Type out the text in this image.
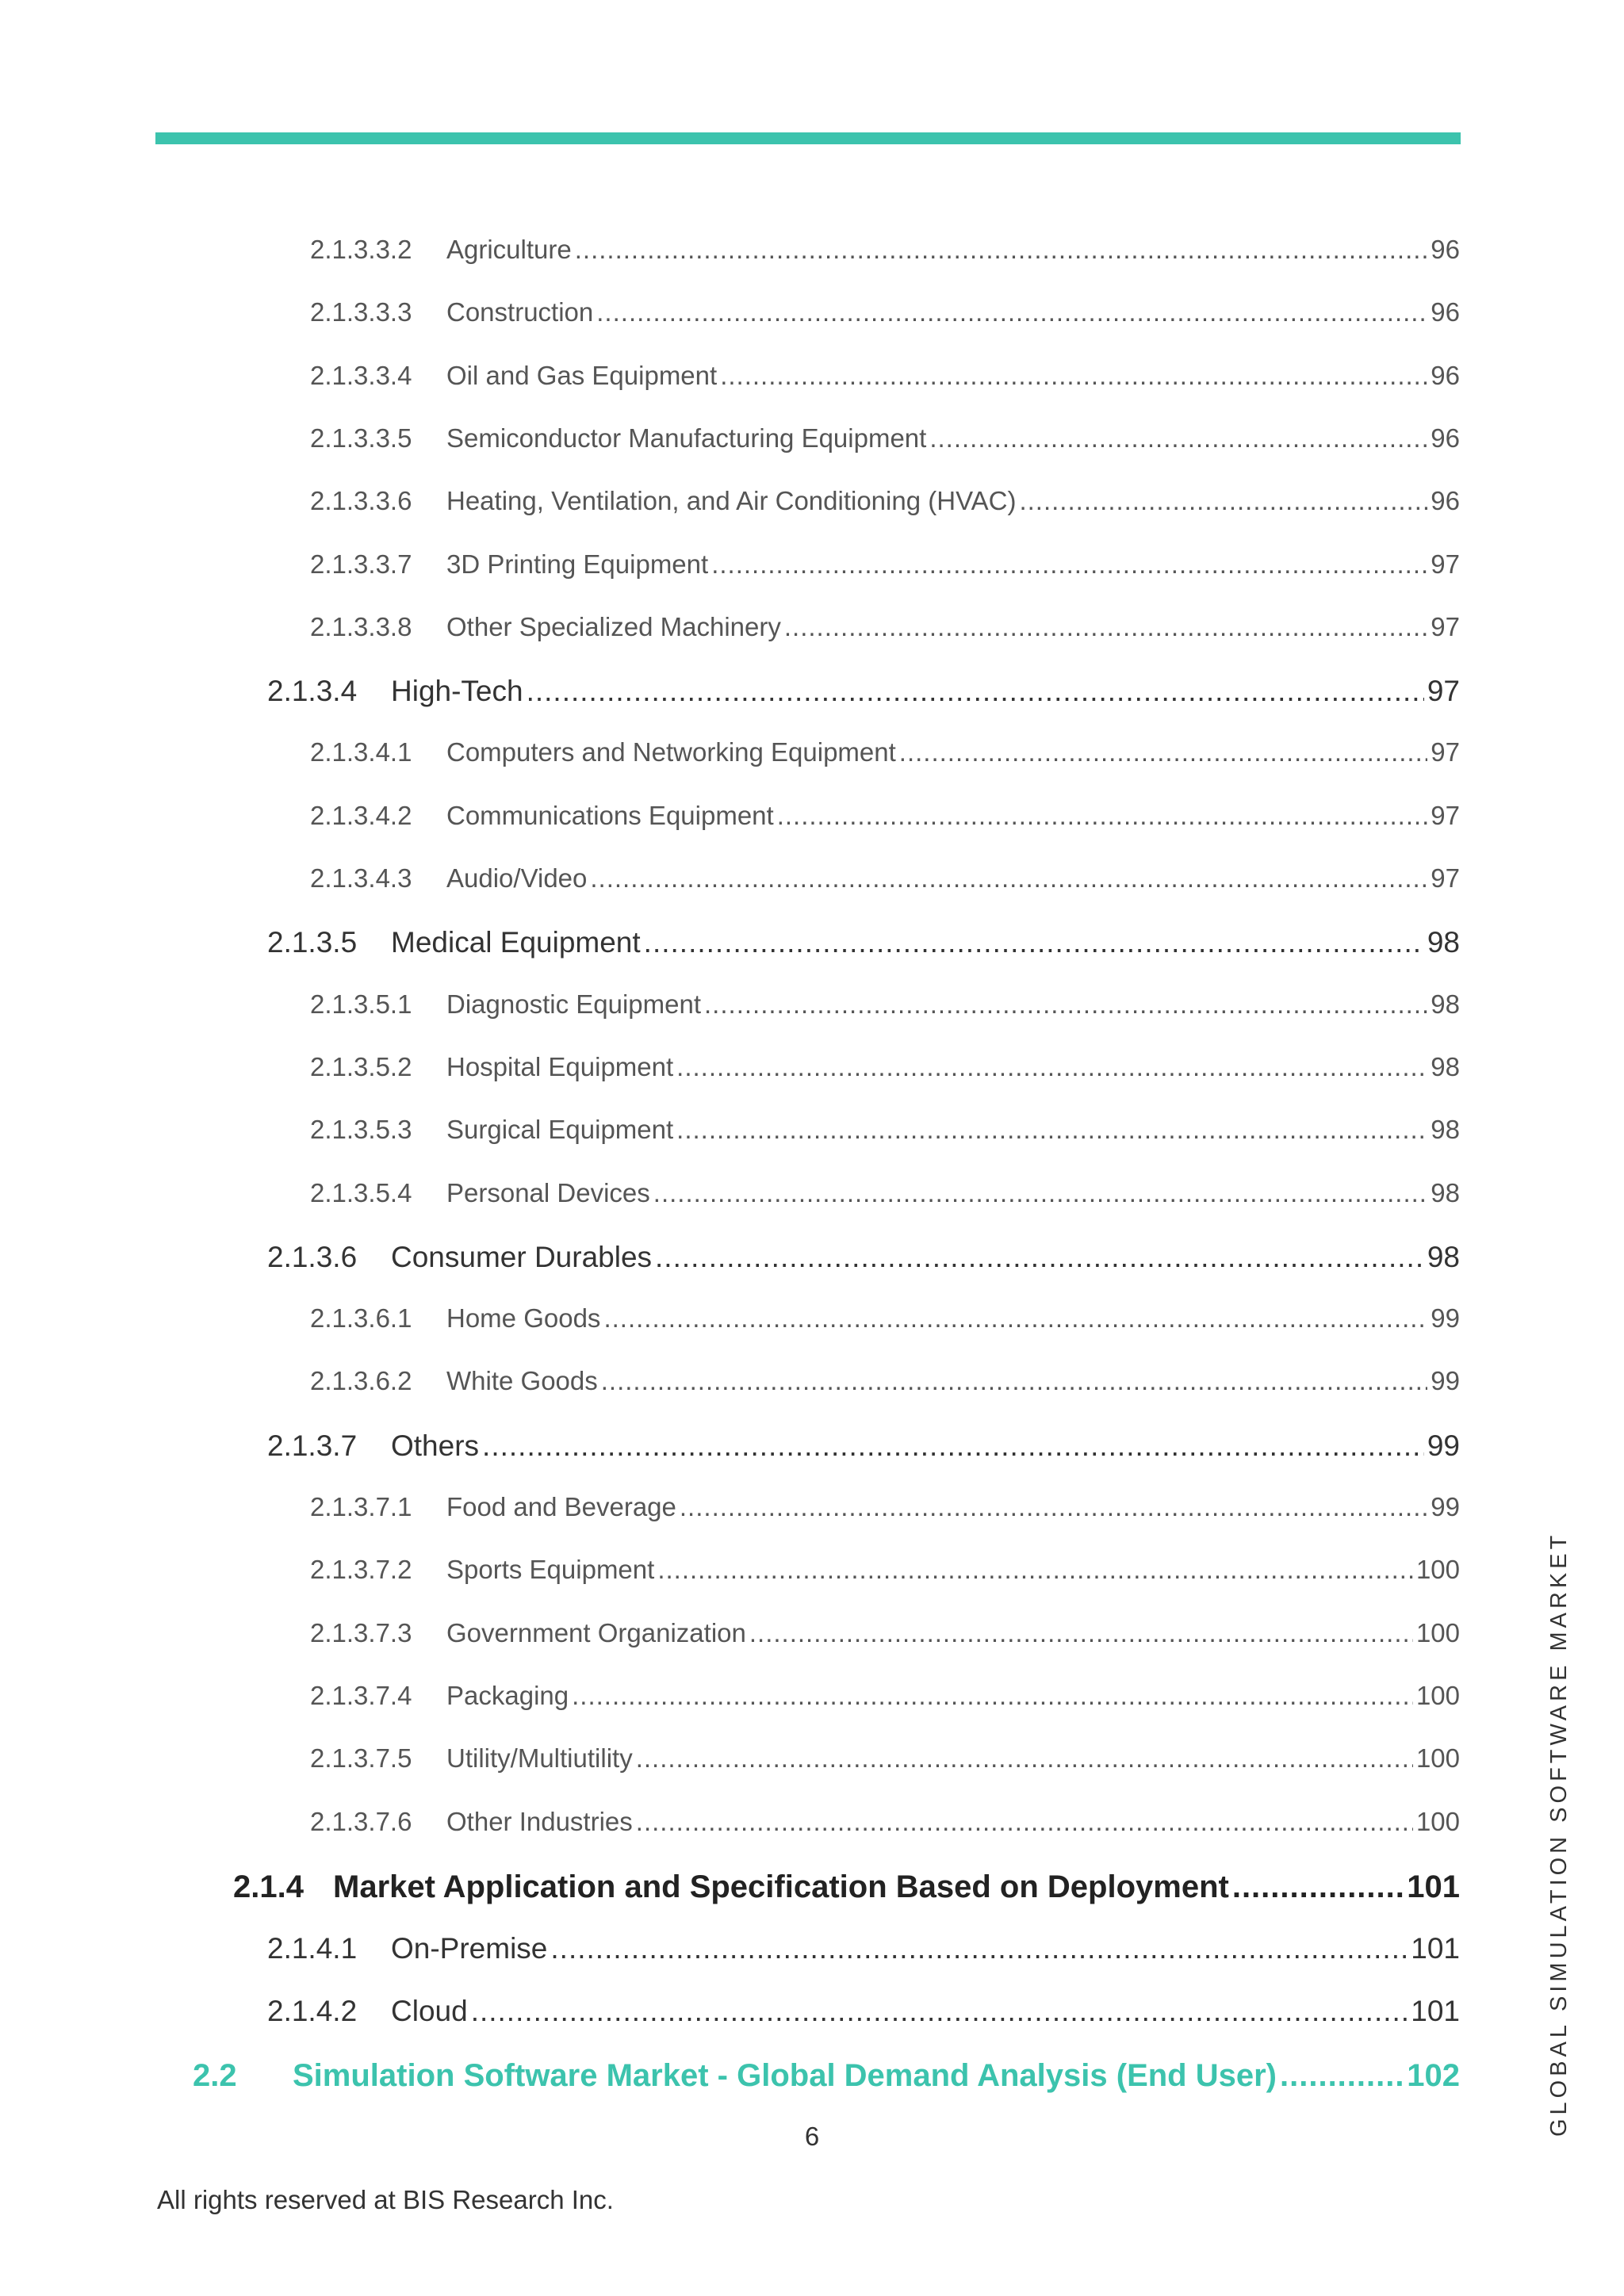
2.1.3.3.2	Agriculture .....	96
2.1.3.3.3	Construction .....	96
2.1.3.3.4	Oil and Gas Equipment .....	96
2.1.3.3.5	Semiconductor Manufacturing Equipment .....	96
2.1.3.3.6	Heating, Ventilation, and Air Conditioning (HVAC) .....	96
2.1.3.3.7	3D Printing Equipment .....	97
2.1.3.3.8	Other Specialized Machinery .....	97
2.1.3.4	High-Tech .....	97
2.1.3.4.1	Computers and Networking Equipment .....	97
2.1.3.4.2	Communications Equipment .....	97
2.1.3.4.3	Audio/Video .....	97
2.1.3.5	Medical Equipment .....	98
2.1.3.5.1	Diagnostic Equipment .....	98
2.1.3.5.2	Hospital Equipment .....	98
2.1.3.5.3	Surgical Equipment .....	98
2.1.3.5.4	Personal Devices .....	98
2.1.3.6	Consumer Durables .....	98
2.1.3.6.1	Home Goods .....	99
2.1.3.6.2	White Goods .....	99
2.1.3.7	Others .....	99
2.1.3.7.1	Food and Beverage .....	99
2.1.3.7.2	Sports Equipment .....	100
2.1.3.7.3	Government Organization .....	100
2.1.3.7.4	Packaging .....	100
2.1.3.7.5	Utility/Multiutility .....	100
2.1.3.7.6	Other Industries .....	100
2.1.4 Market Application and Specification Based on Deployment .....	101
2.1.4.1	On-Premise .....	101
2.1.4.2	Cloud .....	101
2.2	Simulation Software Market - Global Demand Analysis (End User) .....	102
6
All rights reserved at BIS Research Inc.
GLOBAL SIMULATION SOFTWARE MARKET
